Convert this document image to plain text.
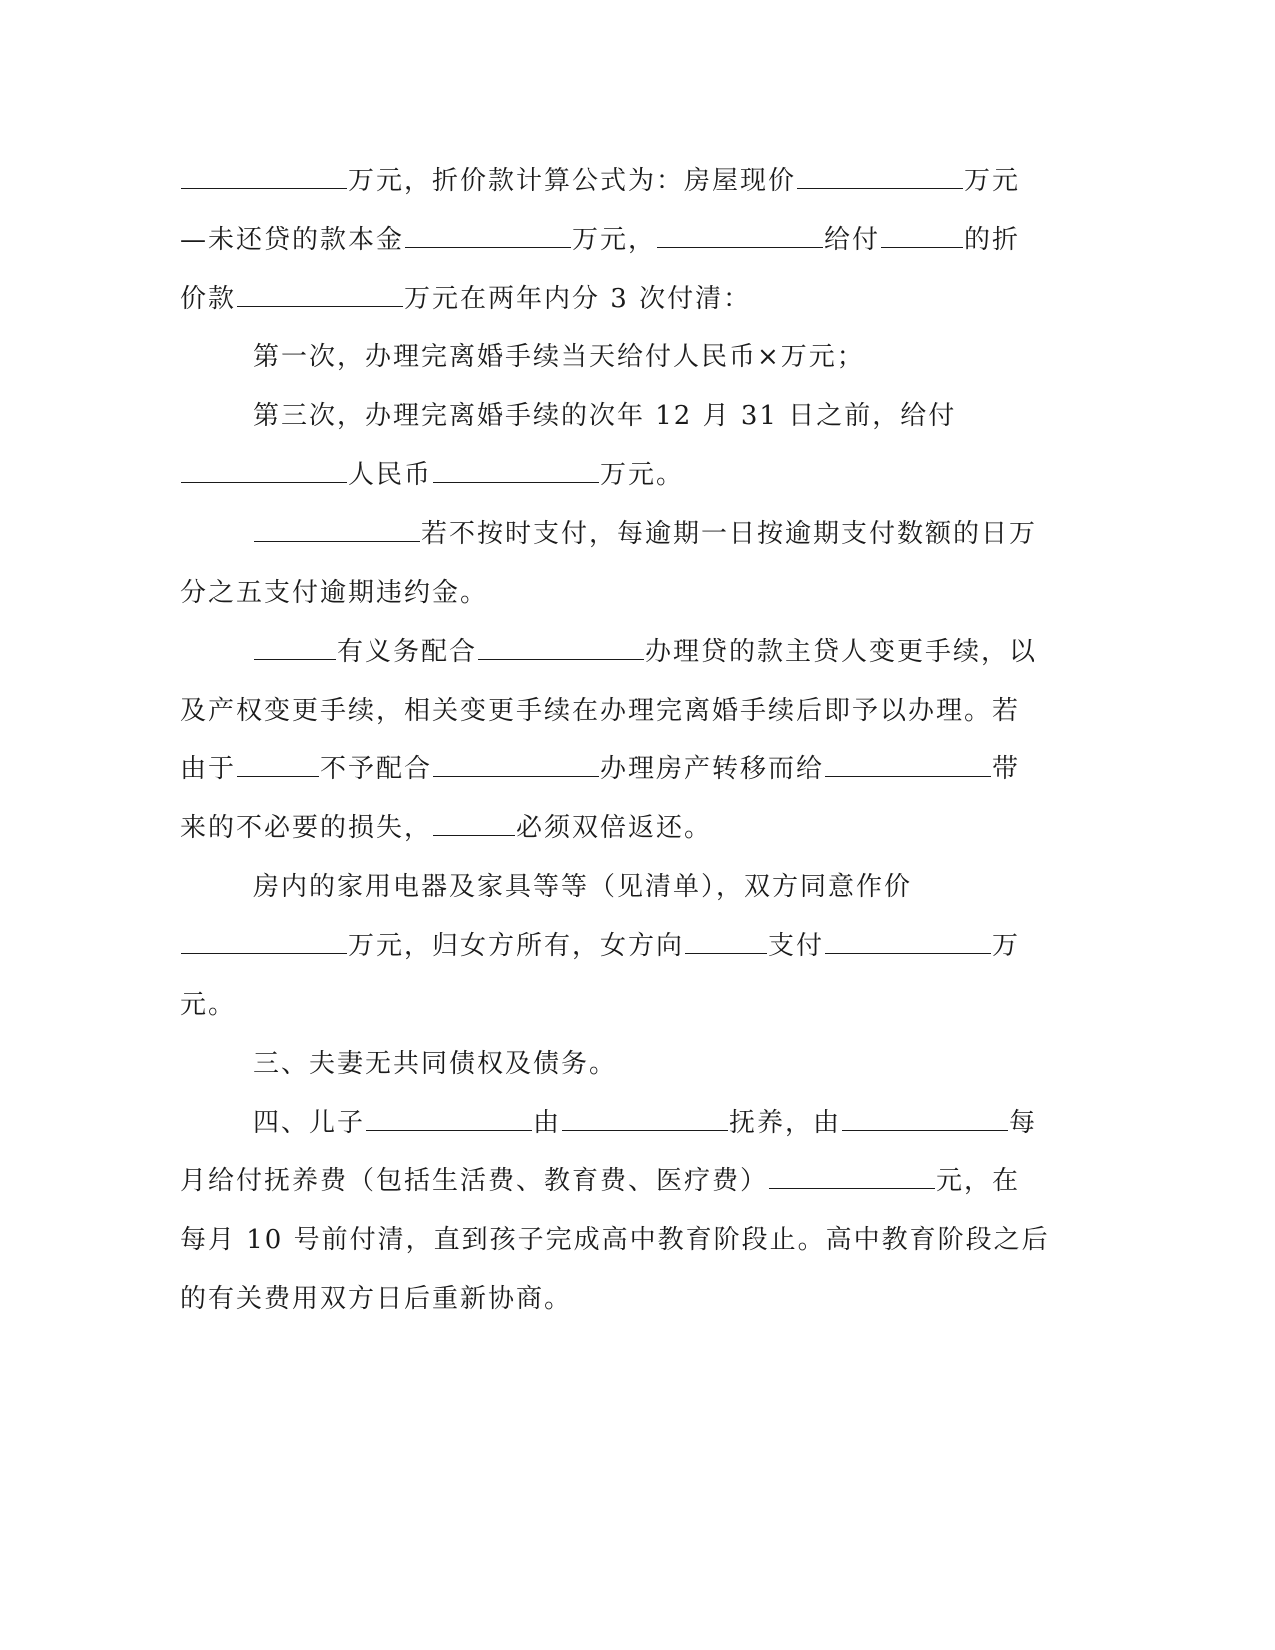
万元，折价款计算公式为：房屋现价	万元
—未还贷的款本金	万元，	给付	的折
价款	万元在两年内分 3 次付清：
第一次，办理完离婚手续当天给付人民币×万元；
第三次，办理完离婚手续的次年 12 月 31 日之前，给付
人民币	万元。
若不按时支付，每逾期一日按逾期支付数额的日万
分之五支付逾期违约金。
有义务配合	办理贷的款主贷人变更手续，以
及产权变更手续，相关变更手续在办理完离婚手续后即予以办理。若
由于	不予配合	办理房产转移而给	带
来的不必要的损失，	必须双倍返还。
房内的家用电器及家具等等（见清单），双方同意作价
万元，归女方所有，女方向	支付	万
元。
三、夫妻无共同债权及债务。
四、儿子	由	抚养，由	每
月给付抚养费（包括生活费、教育费、医疗费）	元，在
每月 10 号前付清，直到孩子完成高中教育阶段止。高中教育阶段之后
的有关费用双方日后重新协商。
